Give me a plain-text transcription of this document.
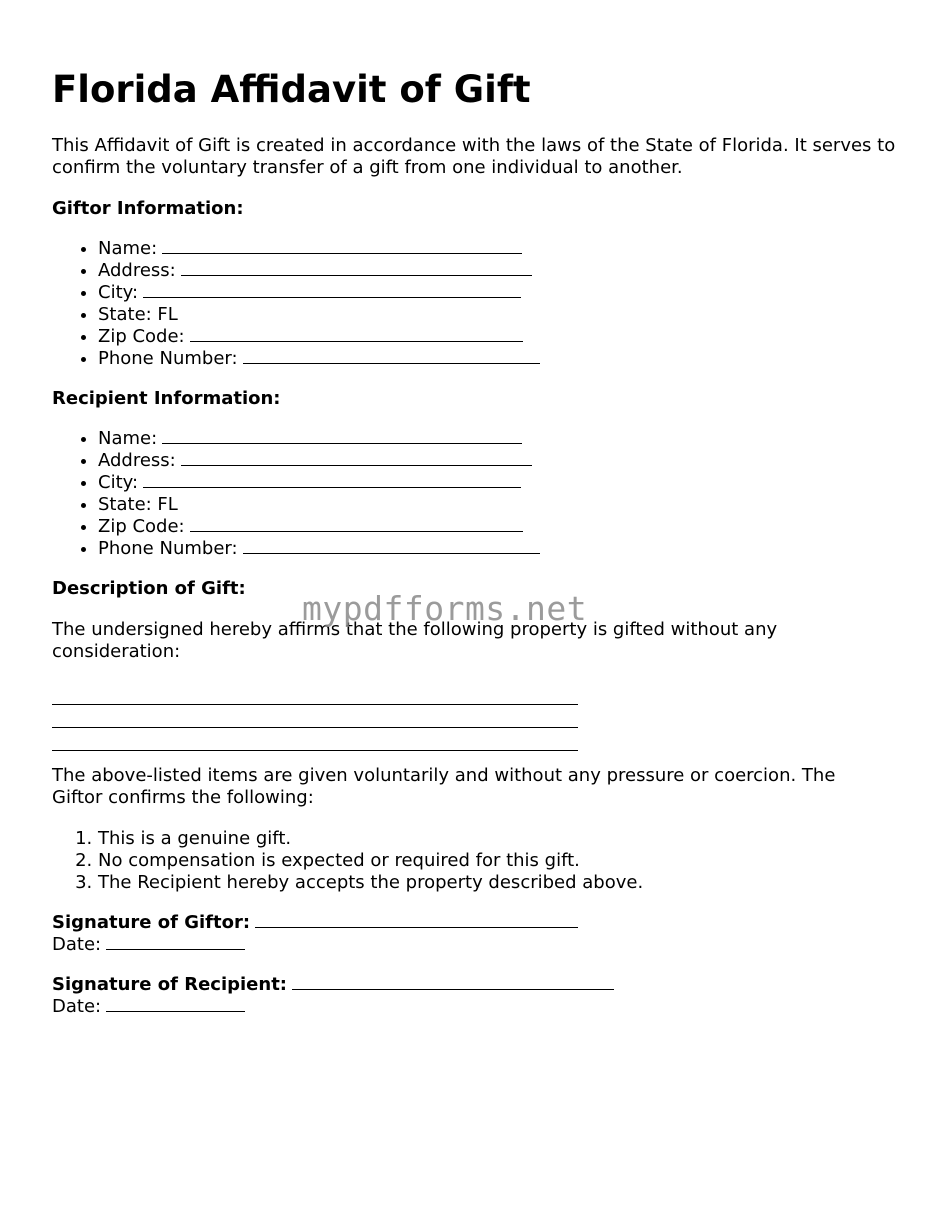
Florida Affidavit of Gift

This Affidavit of Gift is created in accordance with the laws of the State of Florida. It serves to confirm the voluntary transfer of a gift from one individual to another.

Giftor Information:

• Name:
• Address:
• City:
• State: FL
• Zip Code:
• Phone Number:

Recipient Information:

• Name:
• Address:
• City:
• State: FL
• Zip Code:
• Phone Number:

Description of Gift:

The undersigned hereby affirms that the following property is gifted without any consideration:

The above-listed items are given voluntarily and without any pressure or coercion. The Giftor confirms the following:

1. This is a genuine gift.
2. No compensation is expected or required for this gift.
3. The Recipient hereby accepts the property described above.

Signature of Giftor:

Date:

Signature of Recipient:

Date:

mypdfforms.net
